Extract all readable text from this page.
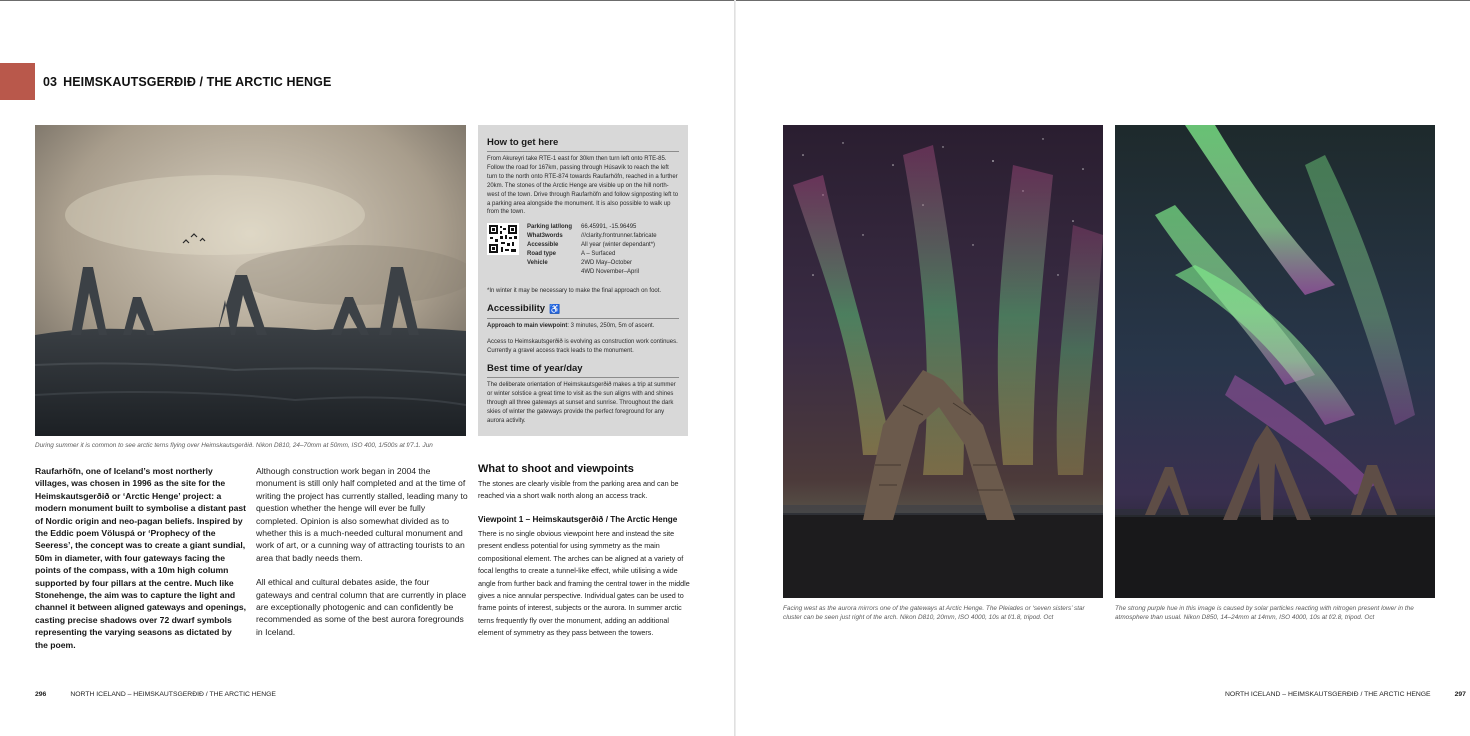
03 HEIMSKAUTSGERÐIÐ / THE ARCTIC HENGE
During summer it is common to see arctic terns flying over Heimskautsgerðið. Nikon D810, 24–70mm at 50mm, ISO 400, 1/500s at f/7.1. Jun
How to get here

From Akureyri take RTE-1 east for 30km then turn left onto RTE-85. Follow the road for 167km, passing through Húsavík to reach the left turn to the north onto RTE-874 towards Raufarhöfn, reached in a further 20km. The stones of the Arctic Henge are visible up on the hill north-west of the town. Drive through Raufarhöfn and follow signposting left to a parking area alongside the monument. It is also possible to walk up from the town.

Parking lat/long	66.45991, -15.96495
What3words	///clarity.frontrunner.fabricate
Accessible	All year (winter dependant*)
Road type	A – Surfaced
Vehicle	2WD May–October
4WD November–April

*In winter it may be necessary to make the final approach on foot.

Accessibility ♿

Approach to main viewpoint: 3 minutes, 250m, 5m of ascent.

Access to Heimskautsgerðið is evolving as construction work continues. Currently a gravel access track leads to the monument.

Best time of year/day

The deliberate orientation of Heimskautsgerðið makes a trip at summer or winter solstice a great time to visit as the sun aligns with and shines through all three gateways at sunset and sunrise. Throughout the dark skies of winter the gateways provide the perfect foreground for any aurora activity.

Raufarhöfn, one of Iceland’s most northerly villages, was chosen in 1996 as the site for the Heimskautsgerðið or ‘Arctic Henge’ project: a modern monument built to symbolise a distant past of Nordic origin and neo-pagan beliefs. Inspired by the Eddic poem Völuspá or ‘Prophecy of the Seeress’, the concept was to create a giant sundial, 50m in diameter, with four gateways facing the points of the compass, with a 10m high column supported by four pillars at the centre. Much like Stonehenge, the aim was to capture the light and channel it between aligned gateways and openings, casting precise shadows over 72 dwarf symbols representing the varying seasons as dictated by the poem.

Although construction work began in 2004 the monument is still only half completed and at the time of writing the project has currently stalled, leading many to question whether the henge will ever be fully completed. Opinion is also somewhat divided as to whether this is a much-needed cultural monument and work of art, or a cunning way of attracting tourists to an area that badly needs them.

All ethical and cultural debates aside, the four gateways and central column that are currently in place are exceptionally photogenic and can confidently be recommended as some of the best aurora foregrounds in Iceland.

What to shoot and viewpoints
The stones are clearly visible from the parking area and can be reached via a short walk north along an access track.
Viewpoint 1 – Heimskautsgerðið / The Arctic Henge
There is no single obvious viewpoint here and instead the site present endless potential for using symmetry as the main compositional element. The arches can be aligned at a variety of focal lengths to create a tunnel-like effect, while utilising a wide angle from further back and framing the central tower in the middle gives a nice annular perspective. Individual gates can be used to frame points of interest, subjects or the aurora. In summer arctic terns frequently fly over the monument, adding an additional element of symmetry as they pass between the towers.
Facing west as the aurora mirrors one of the gateways at Arctic Henge. The Pleiades or ‘seven sisters’ star cluster can be seen just right of the arch. Nikon D810, 20mm, ISO 4000, 10s at f/1.8, tripod. Oct
The strong purple hue in this image is caused by solar particles reacting with nitrogen present lower in the atmosphere than usual. Nikon D850, 14–24mm at 14mm, ISO 4000, 10s at f/2.8, tripod. Oct
296	NORTH ICELAND – HEIMSKAUTSGERÐIÐ / THE ARCTIC HENGE	NORTH ICELAND – HEIMSKAUTSGERÐIÐ / THE ARCTIC HENGE	297
